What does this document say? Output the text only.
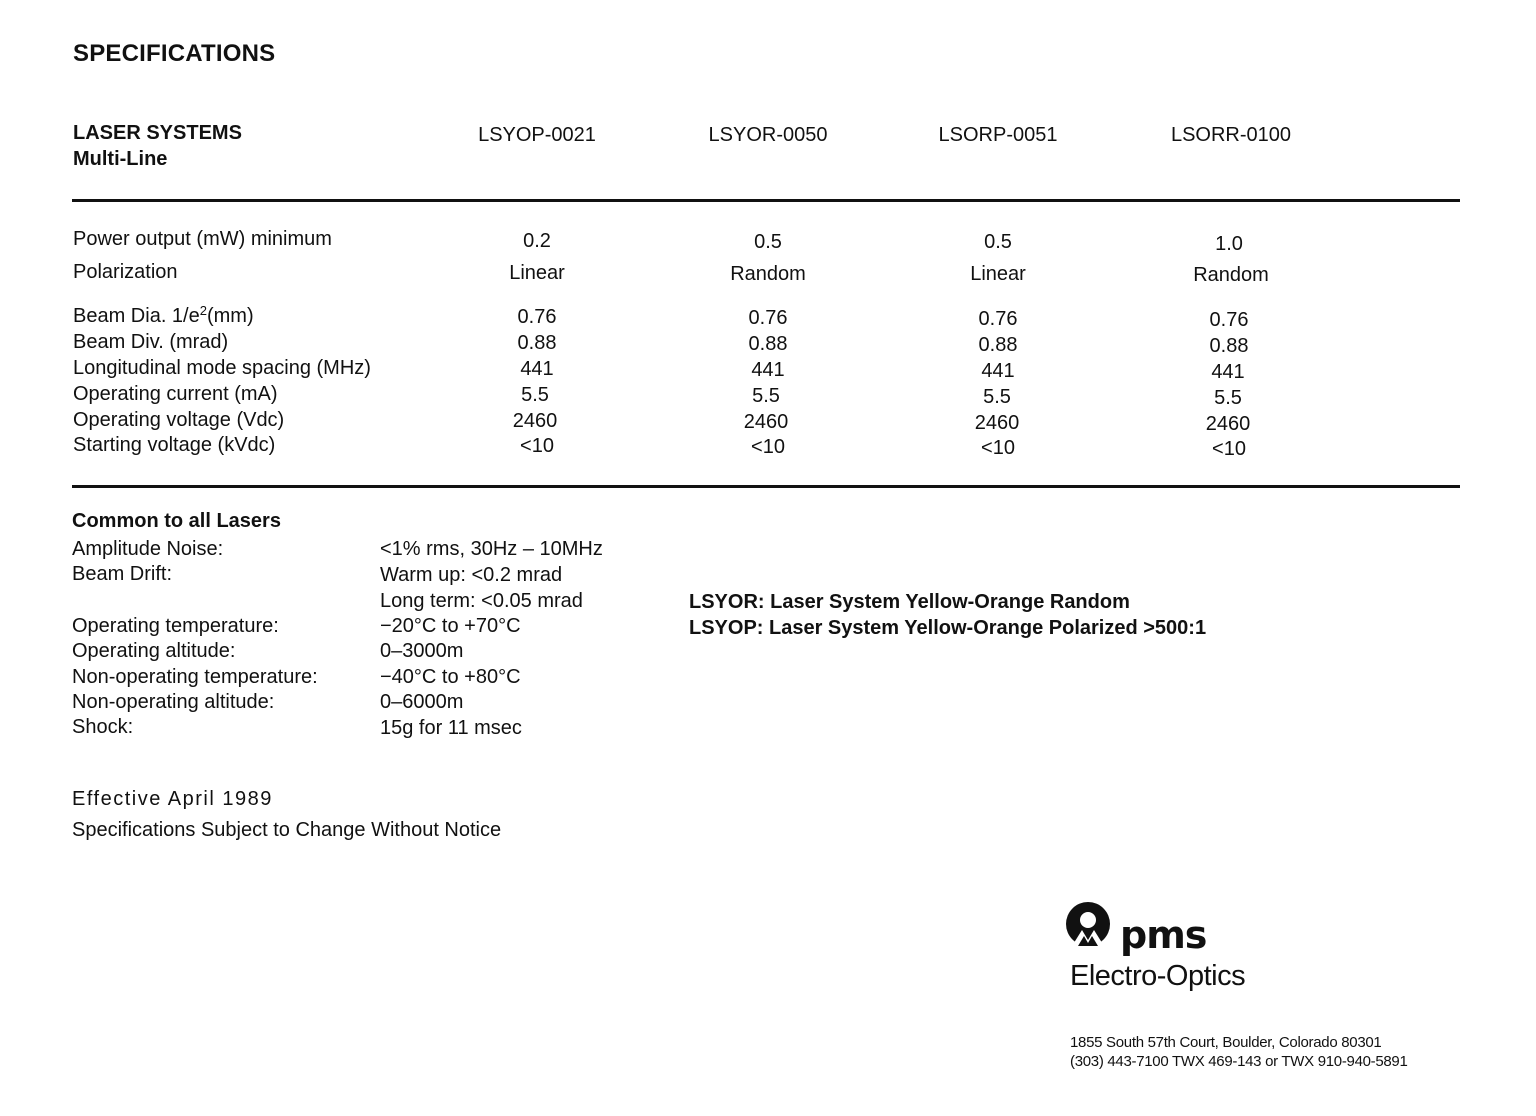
SPECIFICATIONS
LASER SYSTEMS
Multi-Line
LSYOP-0021	LSYOR-0050	LSORP-0051	LSORR-0100
Power output (mW) minimum	0.2	0.5	0.5	1.0
Polarization	Linear	Random	Linear	Random
Beam Dia. $1/e^2(mm)$	0.76	0.76	0.76	0.76
Beam Div. (mrad)	0.88	0.88	0.88	0.88
Longitudinal mode spacing (MHz)	441	441	441	441
Operating current (mA)	5.5	5.5	5.5	5.5
Operating voltage (Vdc)	2460	2460	2460	2460
Starting voltage (kVdc)	<10	<10	<10	<10
Common to all Lasers
Amplitude Noise:	<1% rms, 30Hz – 10MHz
Beam Drift:	Warm up: <0.2 mrad
Long term: <0.05 mrad
Operating temperature:	−20°C to +70°C
Operating altitude:	0–3000m
Non-operating temperature:	−40°C to +80°C
Non-operating altitude:	0–6000m
Shock:	15g for 11 msec
LSYOR: Laser System Yellow-Orange Random
LSYOP: Laser System Yellow-Orange Polarized >500:1
Effective April 1989
Specifications Subject to Change Without Notice
pms
Electro-Optics
1855 South 57th Court, Boulder, Colorado 80301
(303) 443-7100 TWX 469-143 or TWX 910-940-5891
